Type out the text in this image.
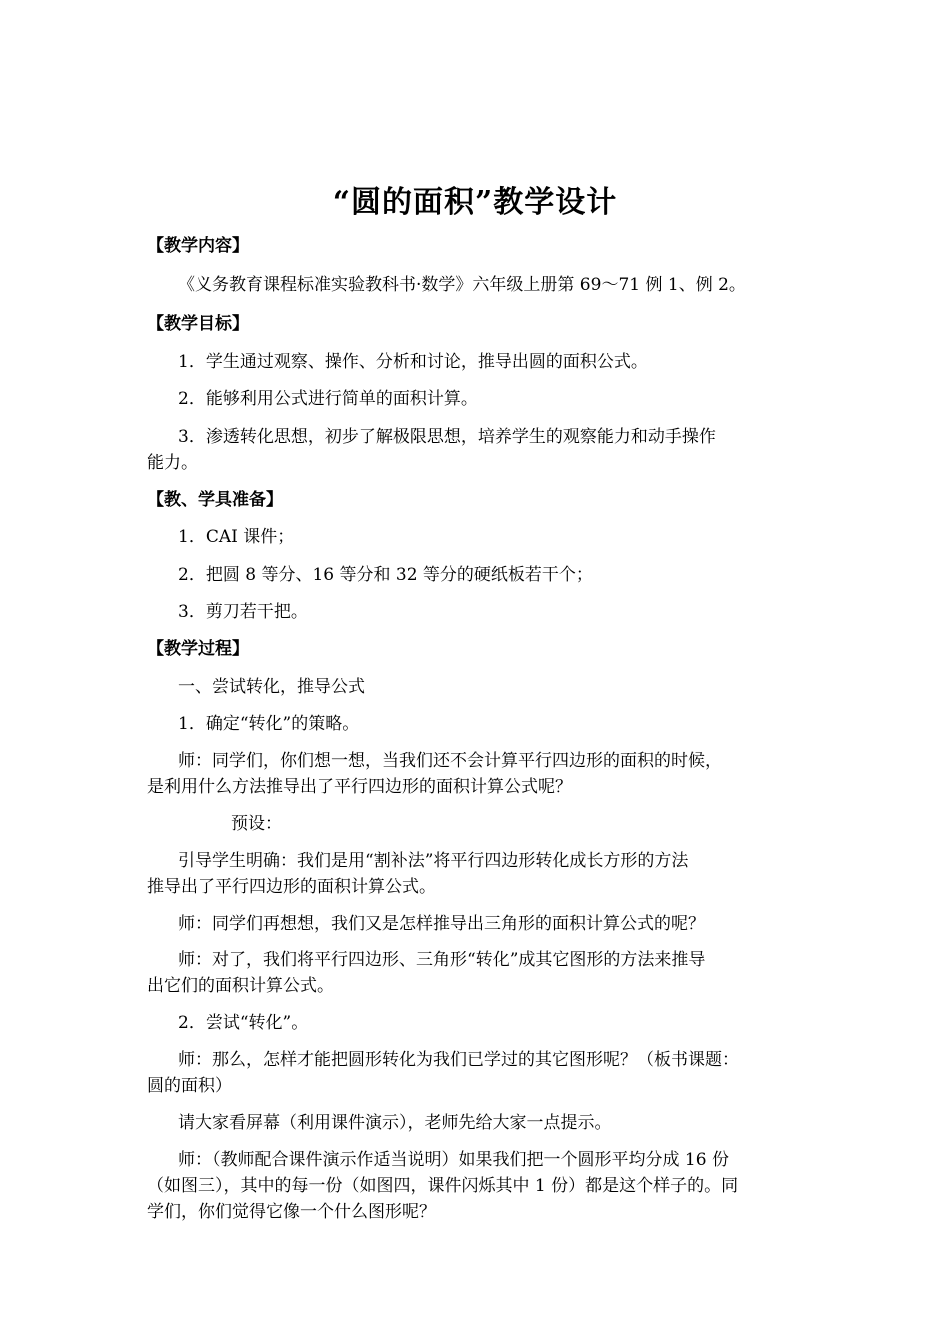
“圆的面积”教学设计
【教学内容】
《义务教育课程标准实验教科书·数学》六年级上册第 69～71 例 1、例 2。
【教学目标】
1．学生通过观察、操作、分析和讨论，推导出圆的面积公式。
2．能够利用公式进行简单的面积计算。
3．渗透转化思想，初步了解极限思想，培养学生的观察能力和动手操作
能力。
【教、学具准备】
1．CAI 课件；
2．把圆 8 等分、16 等分和 32 等分的硬纸板若干个；
3．剪刀若干把。
【教学过程】
一、尝试转化，推导公式
1．确定“转化”的策略。
师：同学们，你们想一想，当我们还不会计算平行四边形的面积的时候，
是利用什么方法推导出了平行四边形的面积计算公式呢？
预设：
引导学生明确：我们是用“割补法”将平行四边形转化成长方形的方法
推导出了平行四边形的面积计算公式。
师：同学们再想想，我们又是怎样推导出三角形的面积计算公式的呢？
师：对了，我们将平行四边形、三角形“转化”成其它图形的方法来推导
出它们的面积计算公式。
2．尝试“转化”。
师：那么，怎样才能把圆形转化为我们已学过的其它图形呢？（板书课题：
圆的面积）
请大家看屏幕（利用课件演示），老师先给大家一点提示。
师：（教师配合课件演示作适当说明）如果我们把一个圆形平均分成 16 份
（如图三），其中的每一份（如图四，课件闪烁其中 1 份）都是这个样子的。同
学们，你们觉得它像一个什么图形呢？
